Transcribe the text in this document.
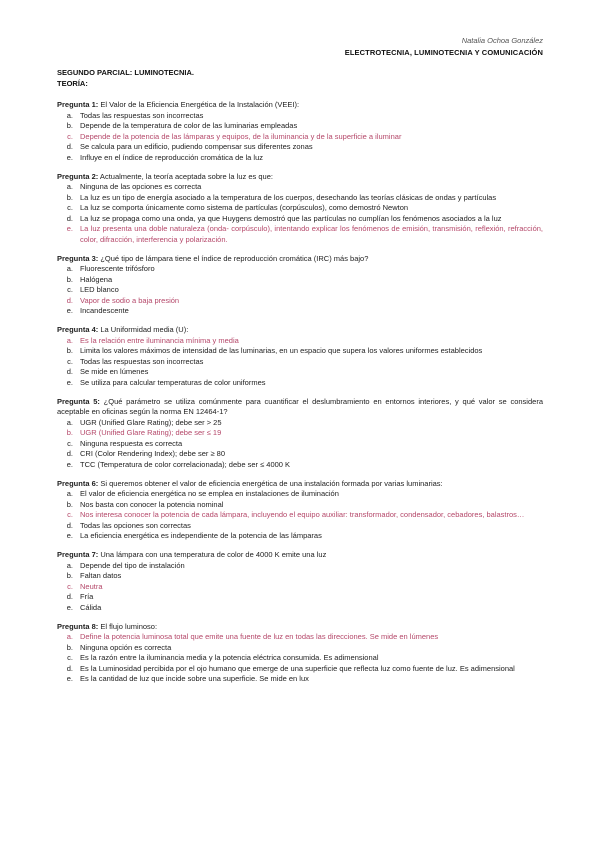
Natalia Ochoa González
ELECTROTECNIA, LUMINOTECNIA Y COMUNICACIÓN
SEGUNDO PARCIAL: LUMINOTECNIA.
TEORÍA:
Pregunta 1: El Valor de la Eficiencia Energética de la Instalación (VEEI):
a. Todas las respuestas son incorrectas
b. Depende de la temperatura de color de las luminarias empleadas
c. Depende de la potencia de las lámparas y equipos, de la iluminancia y de la superficie a iluminar
d. Se calcula para un edificio, pudiendo compensar sus diferentes zonas
e. Influye en el índice de reproducción cromática de la luz
Pregunta 2: Actualmente, la teoría aceptada sobre la luz es que:
a. Ninguna de las opciones es correcta
b. La luz es un tipo de energía asociado a la temperatura de los cuerpos, desechando las teorías clásicas de ondas y partículas
c. La luz se comporta únicamente como sistema de partículas (corpúsculos), como demostró Newton
d. La luz se propaga como una onda, ya que Huygens demostró que las partículas no cumplían los fenómenos asociados a la luz
e. La luz presenta una doble naturaleza (onda- corpúsculo), intentando explicar los fenómenos de emisión, transmisión, reflexión, refracción, color, difracción, interferencia y polarización.
Pregunta 3: ¿Qué tipo de lámpara tiene el índice de reproducción cromática (IRC) más bajo?
a. Fluorescente trifósforo
b. Halógena
c. LED blanco
d. Vapor de sodio a baja presión
e. Incandescente
Pregunta 4: La Uniformidad media (U):
a. Es la relación entre iluminancia mínima y media
b. Limita los valores máximos de intensidad de las luminarias, en un espacio que supera los valores uniformes establecidos
c. Todas las respuestas son incorrectas
d. Se mide en lúmenes
e. Se utiliza para calcular temperaturas de color uniformes
Pregunta 5: ¿Qué parámetro se utiliza comúnmente para cuantificar el deslumbramiento en entornos interiores, y qué valor se considera aceptable en oficinas según la norma EN 12464-1?
a. UGR (Unified Glare Rating); debe ser > 25
b. UGR (Unified Glare Rating); debe ser ≤ 19
c. Ninguna respuesta es correcta
d. CRI (Color Rendering Index); debe ser ≥ 80
e. TCC (Temperatura de color correlacionada); debe ser ≤ 4000 K
Pregunta 6: Si queremos obtener el valor de eficiencia energética de una instalación formada por varias luminarias:
a. El valor de eficiencia energética no se emplea en instalaciones de iluminación
b. Nos basta con conocer la potencia nominal
c. Nos interesa conocer la potencia de cada lámpara, incluyendo el equipo auxiliar: transformador, condensador, cebadores, balastros…
d. Todas las opciones son correctas
e. La eficiencia energética es independiente de la potencia de las lámparas
Pregunta 7: Una lámpara con una temperatura de color de 4000 K emite una luz
a. Depende del tipo de instalación
b. Faltan datos
c. Neutra
d. Fría
e. Cálida
Pregunta 8: El flujo luminoso:
a. Define la potencia luminosa total que emite una fuente de luz en todas las direcciones. Se mide en lúmenes
b. Ninguna opción es correcta
c. Es la razón entre la iluminancia media y la potencia eléctrica consumida. Es adimensional
d. Es la Luminosidad percibida por el ojo humano que emerge de una superficie que reflecta luz como fuente de luz. Es adimensional
e. Es la cantidad de luz que incide sobre una superficie. Se mide en lux
